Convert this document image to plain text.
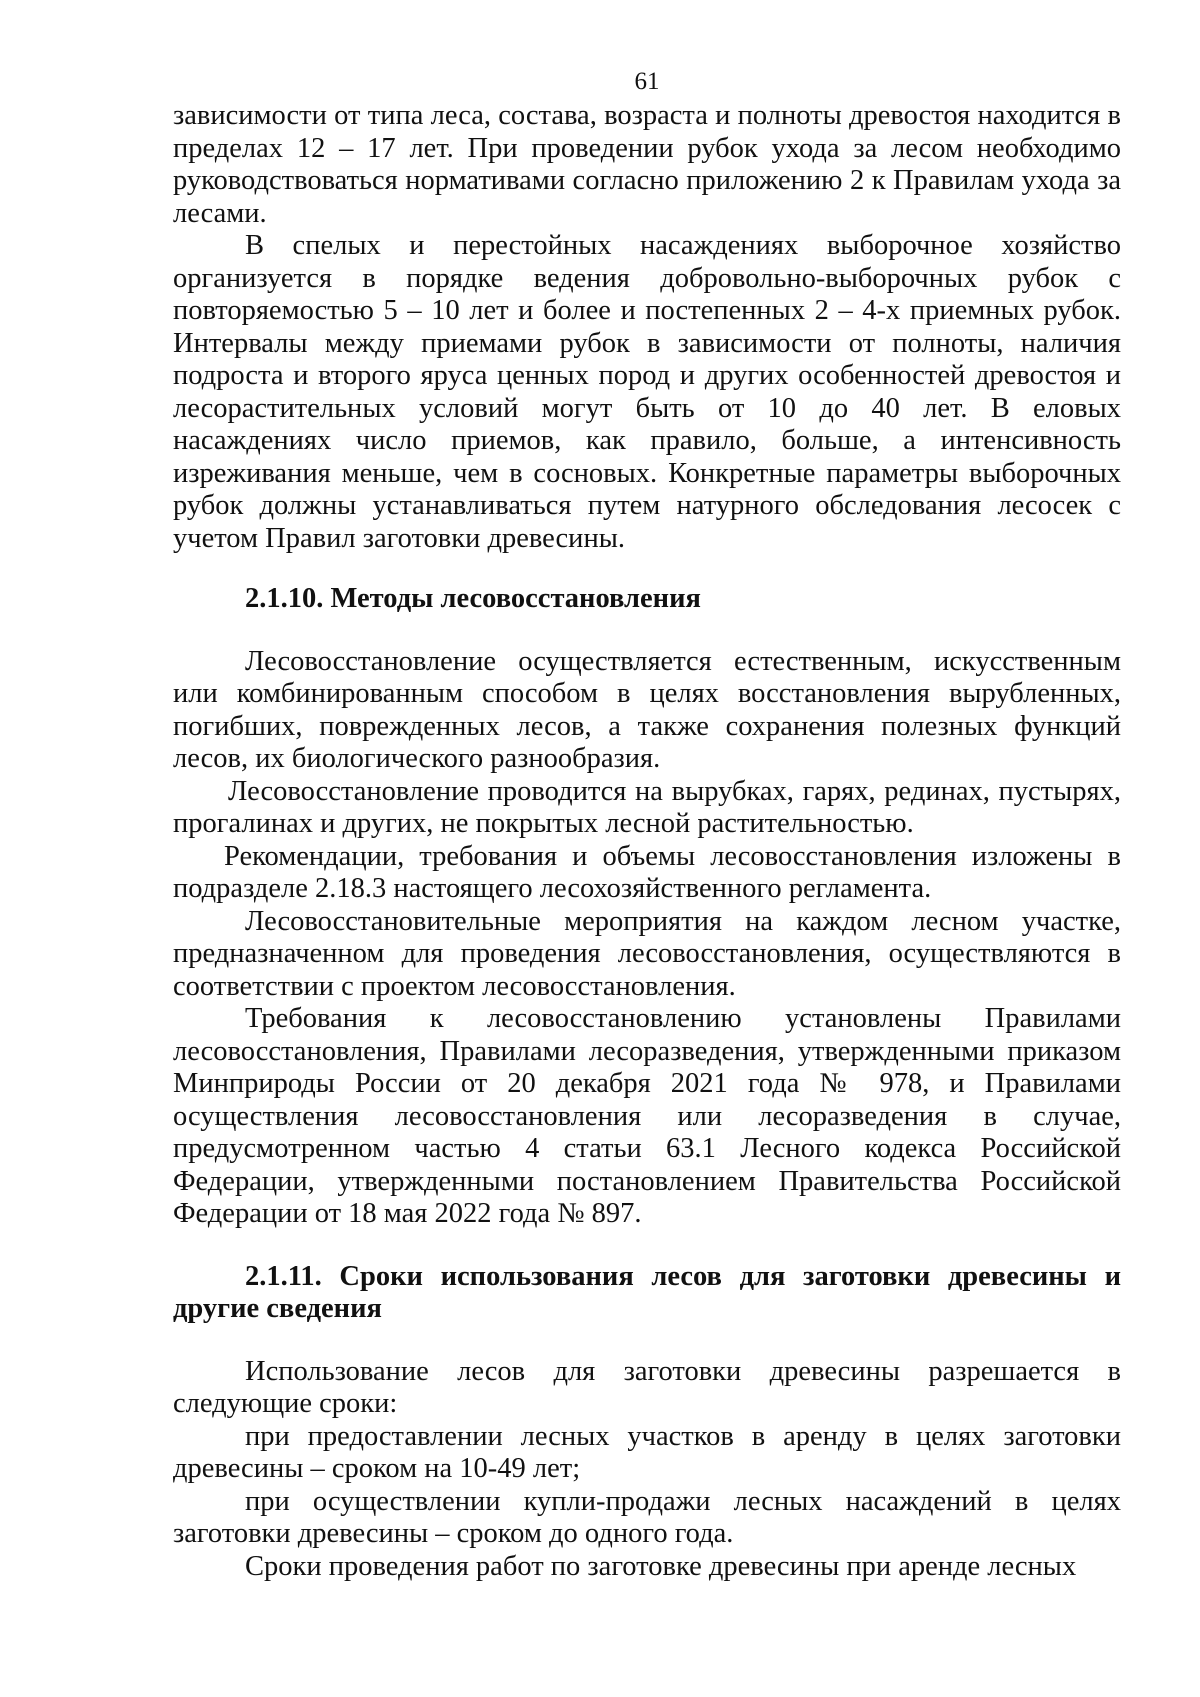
61

зависимости от типа леса, состава, возраста и полноты древостоя находится в пределах 12 – 17 лет. При проведении рубок ухода за лесом необходимо руководствоваться нормативами согласно приложению 2 к Правилам ухода за лесами.

В спелых и перестойных насаждениях выборочное хозяйство организуется в порядке ведения добровольно-выборочных рубок с повторяемостью 5 – 10 лет и более и постепенных 2 – 4-х приемных рубок. Интервалы между приемами рубок в зависимости от полноты, наличия подроста и второго яруса ценных пород и других особенностей древостоя и лесорастительных условий могут быть от 10 до 40 лет. В еловых насаждениях число приемов, как правило, больше, а интенсивность изреживания меньше, чем в сосновых. Конкретные параметры выборочных рубок должны устанавливаться путем натурного обследования лесосек с учетом Правил заготовки древесины.

2.1.10. Методы лесовосстановления

Лесовосстановление осуществляется естественным, искусственным или комбинированным способом в целях восстановления вырубленных, погибших, поврежденных лесов, а также сохранения полезных функций лесов, их биологического разнообразия.

Лесовосстановление проводится на вырубках, гарях, рединах, пустырях, прогалинах и других, не покрытых лесной растительностью.

Рекомендации, требования и объемы лесовосстановления изложены в подразделе 2.18.3 настоящего лесохозяйственного регламента.

Лесовосстановительные мероприятия на каждом лесном участке, предназначенном для проведения лесовосстановления, осуществляются в соответствии с проектом лесовосстановления.

Требования к лесовосстановлению установлены Правилами лесовосстановления, Правилами лесоразведения, утвержденными приказом Минприроды России от 20 декабря 2021 года № 978, и Правилами осуществления лесовосстановления или лесоразведения в случае, предусмотренном частью 4 статьи 63.1 Лесного кодекса Российской Федерации, утвержденными постановлением Правительства Российской Федерации от 18 мая 2022 года № 897.

2.1.11. Сроки использования лесов для заготовки древесины и другие сведения

Использование лесов для заготовки древесины разрешается в следующие сроки:

при предоставлении лесных участков в аренду в целях заготовки древесины – сроком на 10-49 лет;

при осуществлении купли-продажи лесных насаждений в целях заготовки древесины – сроком до одного года.

Сроки проведения работ по заготовке древесины при аренде лесных
